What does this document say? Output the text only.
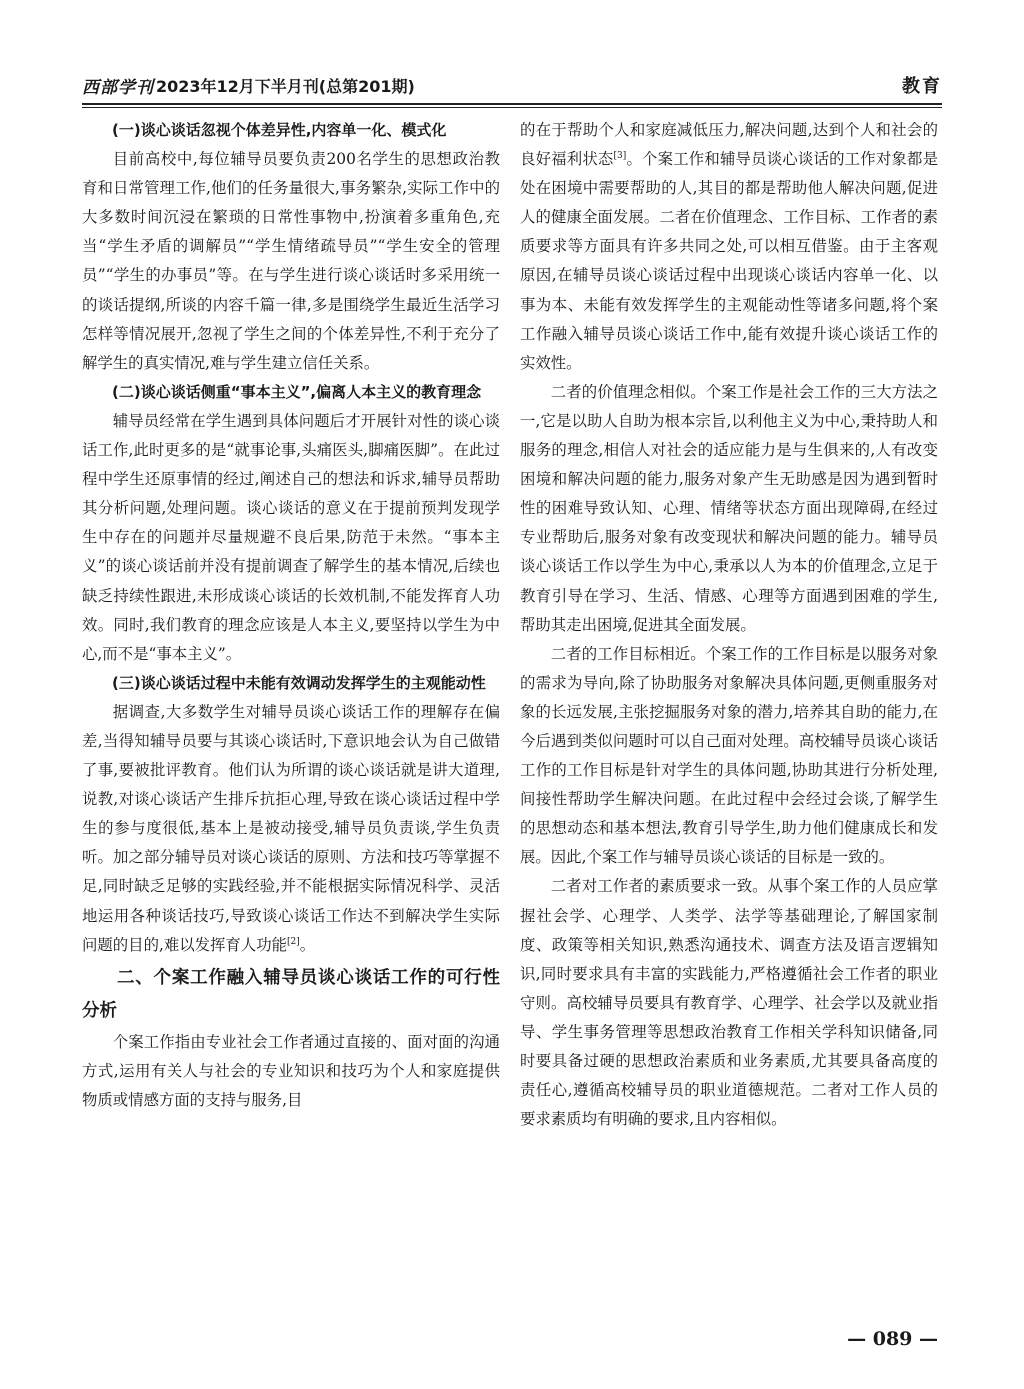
西部学刊 2023年12月下半月刊(总第201期)	教育
(一)谈心谈话忽视个体差异性,内容单一化、模式化

目前高校中,每位辅导员要负责200名学生的思想政治教育和日常管理工作,他们的任务量很大,事务繁杂,实际工作中的大多数时间沉浸在繁琐的日常性事物中,扮演着多重角色,充当“学生矛盾的调解员”“学生情绪疏导员”“学生安全的管理员”“学生的办事员”等。在与学生进行谈心谈话时多采用统一的谈话提纲,所谈的内容千篇一律,多是围绕学生最近生活学习怎样等情况展开,忽视了学生之间的个体差异性,不利于充分了解学生的真实情况,难与学生建立信任关系。

(二)谈心谈话侧重“事本主义”,偏离人本主义的教育理念

辅导员经常在学生遇到具体问题后才开展针对性的谈心谈话工作,此时更多的是“就事论事,头痛医头,脚痛医脚”。在此过程中学生还原事情的经过,阐述自己的想法和诉求,辅导员帮助其分析问题,处理问题。谈心谈话的意义在于提前预判发现学生中存在的问题并尽量规避不良后果,防范于未然。“事本主义”的谈心谈话前并没有提前调查了解学生的基本情况,后续也缺乏持续性跟进,未形成谈心谈话的长效机制,不能发挥育人功效。同时,我们教育的理念应该是人本主义,要坚持以学生为中心,而不是“事本主义”。

(三)谈心谈话过程中未能有效调动发挥学生的主观能动性

据调查,大多数学生对辅导员谈心谈话工作的理解存在偏差,当得知辅导员要与其谈心谈话时,下意识地会认为自己做错了事,要被批评教育。他们认为所谓的谈心谈话就是讲大道理,说教,对谈心谈话产生排斥抗拒心理,导致在谈心谈话过程中学生的参与度很低,基本上是被动接受,辅导员负责谈,学生负责听。加之部分辅导员对谈心谈话的原则、方法和技巧等掌握不足,同时缺乏足够的实践经验,并不能根据实际情况科学、灵活地运用各种谈话技巧,导致谈心谈话工作达不到解决学生实际问题的目的,难以发挥育人功能[2]。

二、个案工作融入辅导员谈心谈话工作的可行性分析

个案工作指由专业社会工作者通过直接的、面对面的沟通方式,运用有关人与社会的专业知识和技巧为个人和家庭提供物质或情感方面的支持与服务,目

的在于帮助个人和家庭减低压力,解决问题,达到个人和社会的良好福利状态[3]。个案工作和辅导员谈心谈话的工作对象都是处在困境中需要帮助的人,其目的都是帮助他人解决问题,促进人的健康全面发展。二者在价值理念、工作目标、工作者的素质要求等方面具有许多共同之处,可以相互借鉴。由于主客观原因,在辅导员谈心谈话过程中出现谈心谈话内容单一化、以事为本、未能有效发挥学生的主观能动性等诸多问题,将个案工作融入辅导员谈心谈话工作中,能有效提升谈心谈话工作的实效性。

二者的价值理念相似。个案工作是社会工作的三大方法之一,它是以助人自助为根本宗旨,以利他主义为中心,秉持助人和服务的理念,相信人对社会的适应能力是与生俱来的,人有改变困境和解决问题的能力,服务对象产生无助感是因为遇到暂时性的困难导致认知、心理、情绪等状态方面出现障碍,在经过专业帮助后,服务对象有改变现状和解决问题的能力。辅导员谈心谈话工作以学生为中心,秉承以人为本的价值理念,立足于教育引导在学习、生活、情感、心理等方面遇到困难的学生,帮助其走出困境,促进其全面发展。

二者的工作目标相近。个案工作的工作目标是以服务对象的需求为导向,除了协助服务对象解决具体问题,更侧重服务对象的长远发展,主张挖掘服务对象的潜力,培养其自助的能力,在今后遇到类似问题时可以自己面对处理。高校辅导员谈心谈话工作的工作目标是针对学生的具体问题,协助其进行分析处理,间接性帮助学生解决问题。在此过程中会经过会谈,了解学生的思想动态和基本想法,教育引导学生,助力他们健康成长和发展。因此,个案工作与辅导员谈心谈话的目标是一致的。

二者对工作者的素质要求一致。从事个案工作的人员应掌握社会学、心理学、人类学、法学等基础理论,了解国家制度、政策等相关知识,熟悉沟通技术、调查方法及语言逻辑知识,同时要求具有丰富的实践能力,严格遵循社会工作者的职业守则。高校辅导员要具有教育学、心理学、社会学以及就业指导、学生事务管理等思想政治教育工作相关学科知识储备,同时要具备过硬的思想政治素质和业务素质,尤其要具备高度的责任心,遵循高校辅导员的职业道德规范。二者对工作人员的要求素质均有明确的要求,且内容相似。

— 089 —
